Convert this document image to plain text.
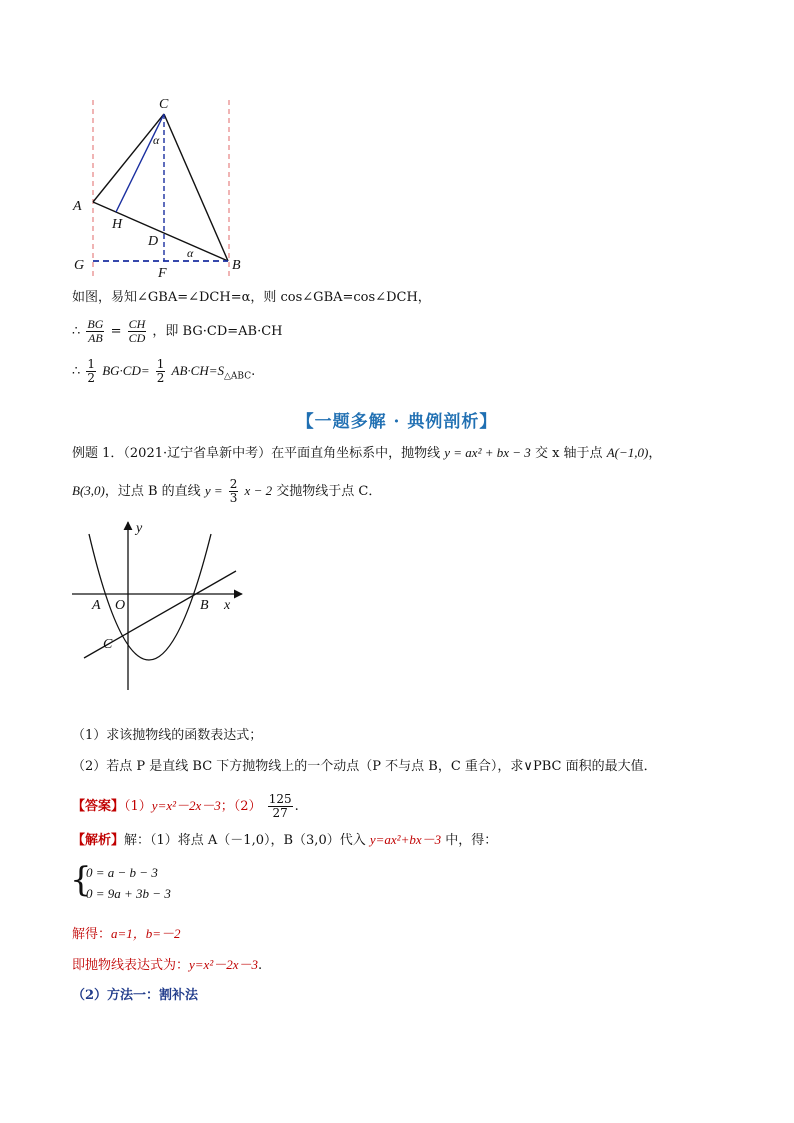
C
A
H
D
G
F
B
α
α
如图，易知∠GBA=∠DCH=α，则 cos∠GBA=cos∠DCH，
∴ $\frac{BG}{AB} = \frac{CH}{CD}$ ，即 BG·CD=AB·CH
∴ $\frac{1}{2} BG\cdot CD= \frac{1}{2} AB\cdot CH=S_{\triangle ABC}$.
【一题多解 · 典例剖析】
例题 1．（2021·辽宁省阜新中考）在平面直角坐标系中，抛物线 y = ax² + bx − 3 交 x 轴于点 A(−1,0)，
B(3,0)，过点 B 的直线 $y = \frac{2}{3}$ x − 2 交抛物线于点 C．
y
x
A O	B
C
（1）求该抛物线的函数表达式；
（2）若点 P 是直线 BC 下方抛物线上的一个动点（P 不与点 B，C 重合），求∨PBC 面积的最大值．
【答案】（1）y=x²－2x－3；$(2) \frac{125}{27}$ .
【解析】解：（1）将点 A（－1,0），B（3,0）代入 y=ax²+bx－3 中，得：
{
0 = a − b − 3
0 = 9a + 3b − 3
解得：a=1，b=－2
即抛物线表达式为：y=x²－2x－3.
（2）方法一：割补法
